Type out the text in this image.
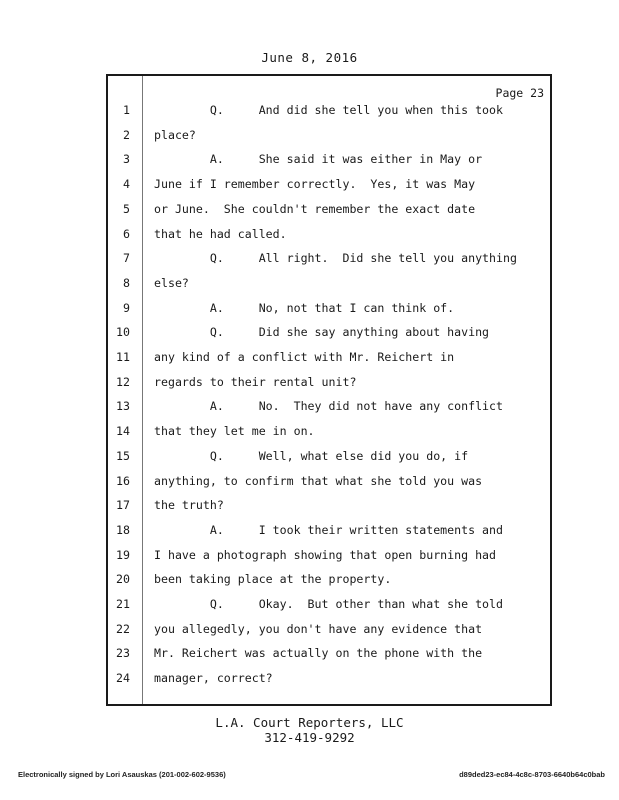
June 8, 2016
Page 23
1 Q.     And did she tell you when this took
2 place?
3 A.     She said it was either in May or
4 June if I remember correctly.  Yes, it was May
5 or June.  She couldn't remember the exact date
6 that he had called.
7 Q.     All right.  Did she tell you anything
8 else?
9 A.     No, not that I can think of.
10 Q.     Did she say anything about having
11 any kind of a conflict with Mr. Reichert in
12 regards to their rental unit?
13 A.     No.  They did not have any conflict
14 that they let me in on.
15 Q.     Well, what else did you do, if
16 anything, to confirm that what she told you was
17 the truth?
18 A.     I took their written statements and
19 I have a photograph showing that open burning had
20 been taking place at the property.
21 Q.     Okay.  But other than what she told
22 you allegedly, you don't have any evidence that
23 Mr. Reichert was actually on the phone with the
24 manager, correct?
L.A. Court Reporters, LLC
312-419-9292
Electronically signed by Lori Asauskas (201-002-602-9536)	d89ded23-ec84-4c8c-8703-6640b64c0bab
